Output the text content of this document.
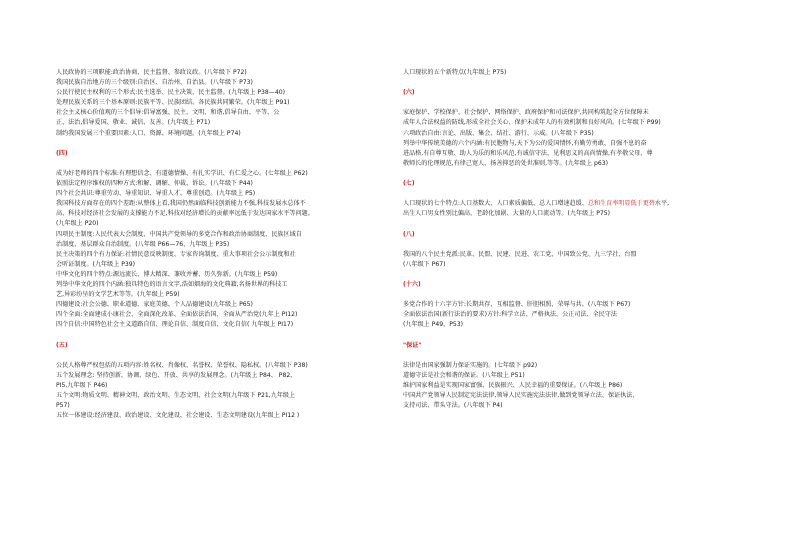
人民政协的三项职能:政治协商、民主监督、参政议政。(八年级下 P72)
我国民族自治地方的三个级别:自治区、自治州、自治县。(八年级下 P73)
公民行使民主权利的三个形式:民主选举、民主决策、民主监督。(九年级上 P38—40)
处理民族关系的三个基本原则:民族平等、民族团结、各民族共同繁荣。(九年级上 P91)
社会主义核心价值观的三个倡导:倡导富强、民主、文明、和谐,倡导自由、平等、公
正、法治,倡导爱国、敬业、诚信、友善。(九年级上 P71)
制约我国发展三个重要因素:人口、资源、环境问题。(九年级上 P74)
(四)
成为好老师的四个标准:有理想信念、有道德情操、有扎实学识、有仁爱之心。(七年级上 P62)
依照法定程序维权的四种方式:和解、调解、仲裁、诉讼。(八年级下 P44)
四个社会共识:尊重劳动、导重知识、导重人才、尊重创造。(九年级上 P5)
我国科技方面存在的四个差距:从整体上看,我国仍然面临科技创新能力不强,科技发展水总体不
高、科技对经济社会发展的支撑能力不足,科技对经济增长的贡献率远低于发达国家水平等问题。
(九年级上 P20)
四项民主制度:人民代表大会制度、中国共产党领导的多党合作和政治协商制度、民族区域自
治制度、基层群众自治制度。(八年级 P66—76、九年级上 P35)
民主决策的四个有力保证:社情民意反映制度、专家咨询制度、重大事项社会公示制度和社
会听证制度。(九年级上 P39)
中华文化的四个特点:源远流长、博大精深、兼收并蓄、历久弥新。(九年级上 P59)
列举中华文化的四个内涵:独具特色的语言文字,浩如烟海的文化典籍,名扬世界的科技工
艺,异彩纷呈的文学艺术等等。(九年级上 P59)
四德建设:社会公德、职业道德、家庭美德、个人品德建设(九年级上 P65)
四个全面:全面建成小康社会、全面深化改革、全面依法治国、全面从严治党(九年上 PI12)
四个自信:中国特色社会主义道路自信、理论自信、制度自信、文化自信( 九年级上 PI17)
(五)
公民人格尊严权包括的五项内容:姓名权、肖像权、名誉权、荣誉权、隐私权。(八年级下 P38)
五个发展理念: 坚持创新、协调、绿色、开放、共享的发展理念。(九年级上 P84、 P82、
PI5,九年级下 P46)
五个文明:物质文明、精神文明、政治文明、生态文明、社会文明(九年级下 P21,九年级上
P57)
五位一体建设:经济建设、政治建设、文化建设、社会建设、生态文明建设(九年级上 PI12 )
人口现状的五个新特点(九年级上 P75)
(六)
家庭保护、学校保护、社会保护、网络保护、政府保护和司法保护,共同构筑起全方位保障未
成年人合法权益的防线,形成全社会关心、保护未成年人的有效机制和良好风尚。(七年级下 P99)
六项政治自由:言论、出版、集会、结社、游行、示威。(八年级下 P35)
列举中华传统美德的六个内涵:有民胞物与,天下为公的爱国情怀,有勤劳勇敢、自强不息的奋
进品格,有自尊互敬、助人为乐的和乐风范,有诚信守法、见利思义的高尚情操,有孝敬父母、尊
敬师长的伦理规范,有律己宽人、扬善抑恶的处世准则,等等。(九年级上 p63)
(七)
人口现状的七个特点:人口基数大、人口素质偏低、总人口增速趋缓、总和生育率明显低于更替水平,
出生人口男女性别比偏高、老龄化加剧、大量的人口流动等。(九年级上 P75)
(八)
我国的八个民主党派:民革、民盟、民建、民进、农工党、中国致公党、九三学社、台盟
(八年级下 P67)
(十六)
多党合作的十六字方针:长期共存、互相监督、肝胆相照、荣辱与共。(八年级下 P67)
全面依法治国(新行法治的要求)方针:科学立法、严格执法、公正司法、全民守法
(九年级上 P49、P53)
"保证"
法律是由国家强制力保证实施的。(七年级下 p92)
道德守法是社会和谐的保证。(八年级上 P51)
维护国家利益是实现国家富强、民族振兴、人民幸福的重要保证。(八年级上 P86)
中国共产党领导人民制定宪法法律,领导人民实施宪法法律,做到党领导立法、保证执法、
支持司法、带头守法。(八年级下 P4)
